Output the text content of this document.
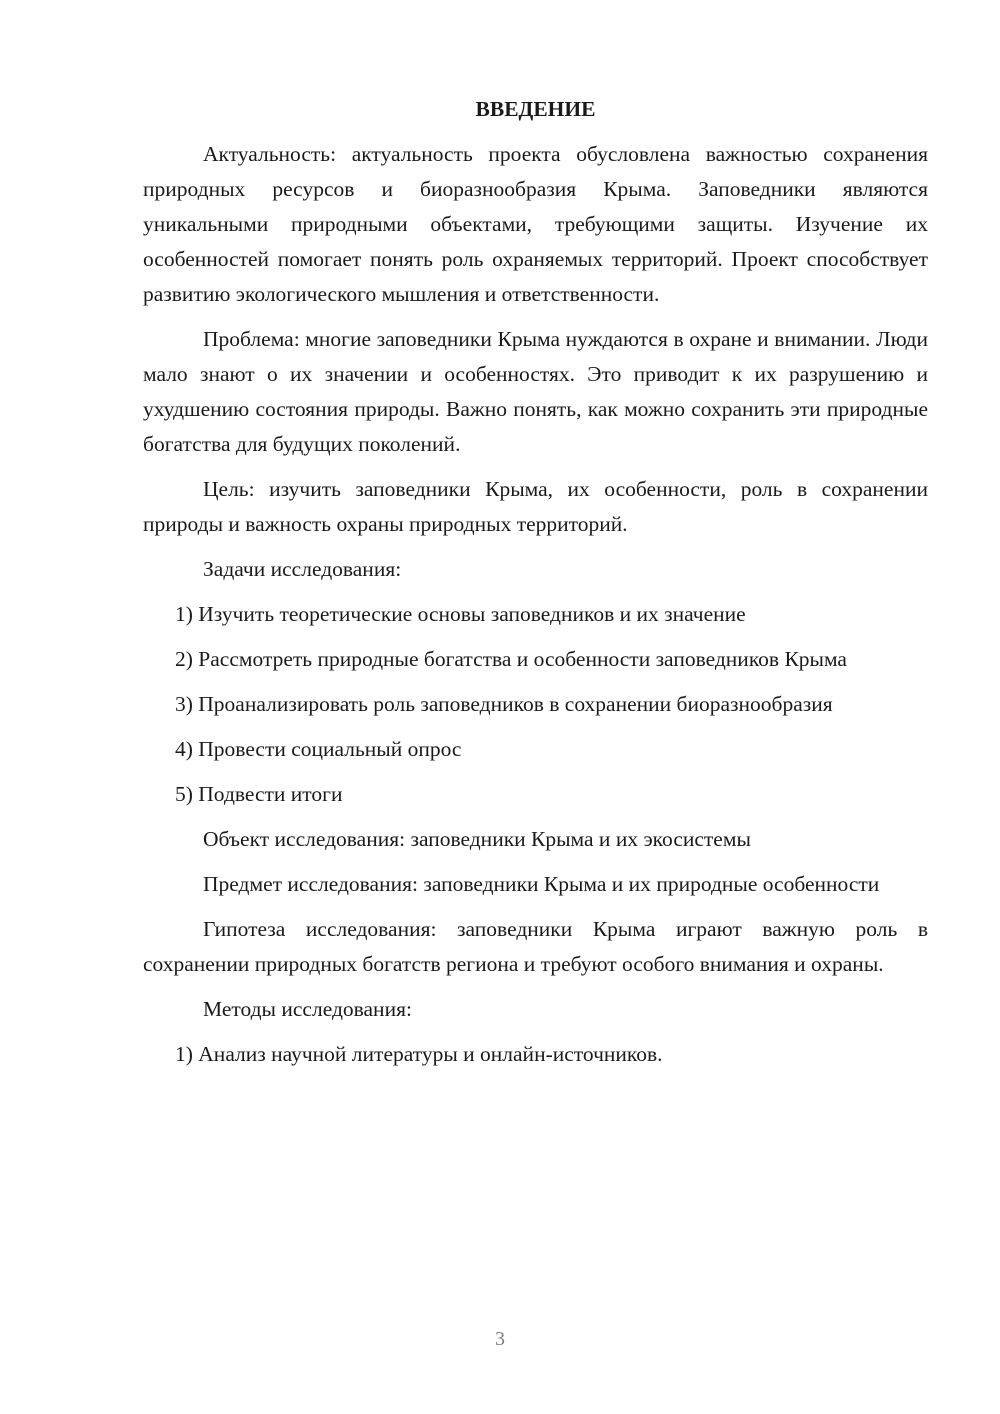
ВВЕДЕНИЕ

Актуальность: актуальность проекта обусловлена важностью сохранения природных ресурсов и биоразнообразия Крыма. Заповедники являются уникальными природными объектами, требующими защиты. Изучение их особенностей помогает понять роль охраняемых территорий. Проект способствует развитию экологического мышления и ответственности.

Проблема: многие заповедники Крыма нуждаются в охране и внимании. Люди мало знают о их значении и особенностях. Это приводит к их разрушению и ухудшению состояния природы. Важно понять, как можно сохранить эти природные богатства для будущих поколений.

Цель: изучить заповедники Крыма, их особенности, роль в сохранении природы и важность охраны природных территорий.

Задачи исследования:

1) Изучить теоретические основы заповедников и их значение

2) Рассмотреть природные богатства и особенности заповедников Крыма

3) Проанализировать роль заповедников в сохранении биоразнообразия

4) Провести социальный опрос

5) Подвести итоги

Объект исследования: заповедники Крыма и их экосистемы

Предмет исследования: заповедники Крыма и их природные особенности

Гипотеза исследования: заповедники Крыма играют важную роль в сохранении природных богатств региона и требуют особого внимания и охраны.

Методы исследования:

1) Анализ научной литературы и онлайн-источников.

3
